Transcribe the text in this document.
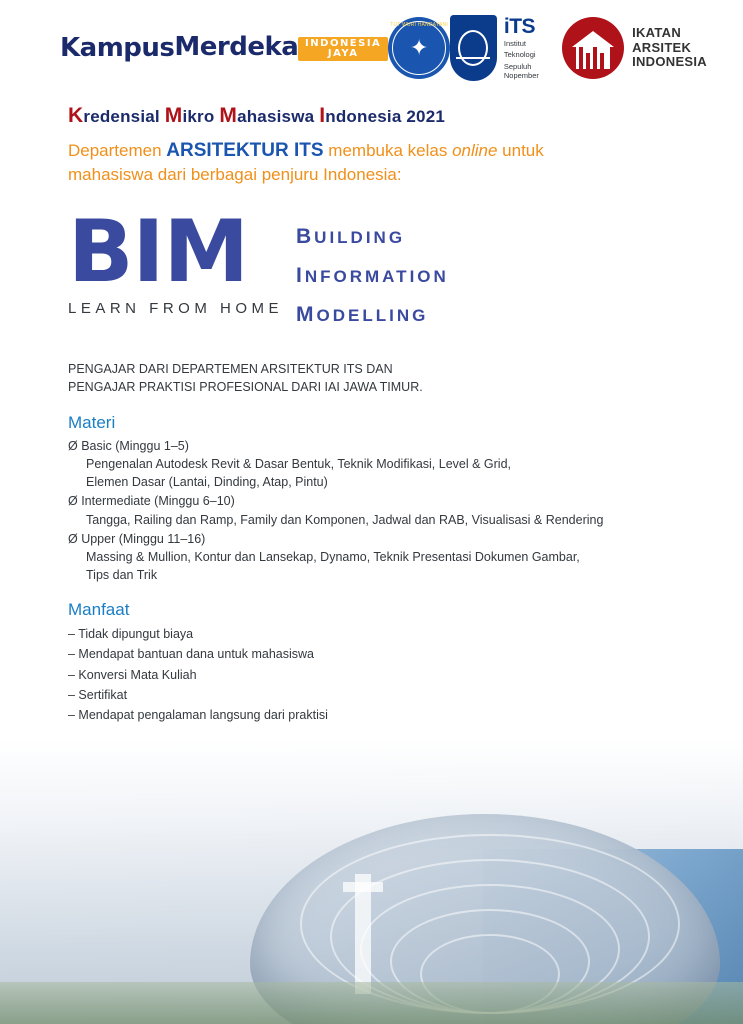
Kampus Merdeka INDONESIA JAYA
TUT WURI HANDAYANI
✦
iTS
Institut
Teknologi
Sepuluh Nopember
IKATAN
ARSITEK
INDONESIA
Kredensial Mikro Mahasiswa Indonesia 2021
Departemen ARSITEKTUR ITS membuka kelas online untuk
mahasiswa dari berbagai penjuru Indonesia:
BIM
LEARN FROM HOME
BUILDING
INFORMATION
MODELLING
PENGAJAR DARI DEPARTEMEN ARSITEKTUR ITS DAN
PENGAJAR PRAKTISI PROFESIONAL DARI IAI JAWA TIMUR.
Materi
Ø Basic (Minggu 1–5)
Pengenalan Autodesk Revit & Dasar Bentuk, Teknik Modifikasi, Level & Grid,
Elemen Dasar (Lantai, Dinding, Atap, Pintu)
Ø Intermediate (Minggu 6–10)
Tangga, Railing dan Ramp, Family dan Komponen, Jadwal dan RAB, Visualisasi & Rendering
Ø Upper (Minggu 11–16)
Massing & Mullion, Kontur dan Lansekap, Dynamo, Teknik Presentasi Dokumen Gambar,
Tips dan Trik
Manfaat
– Tidak dipungut biaya
– Mendapat bantuan dana untuk mahasiswa
– Konversi Mata Kuliah
– Sertifikat
– Mendapat pengalaman langsung dari praktisi
